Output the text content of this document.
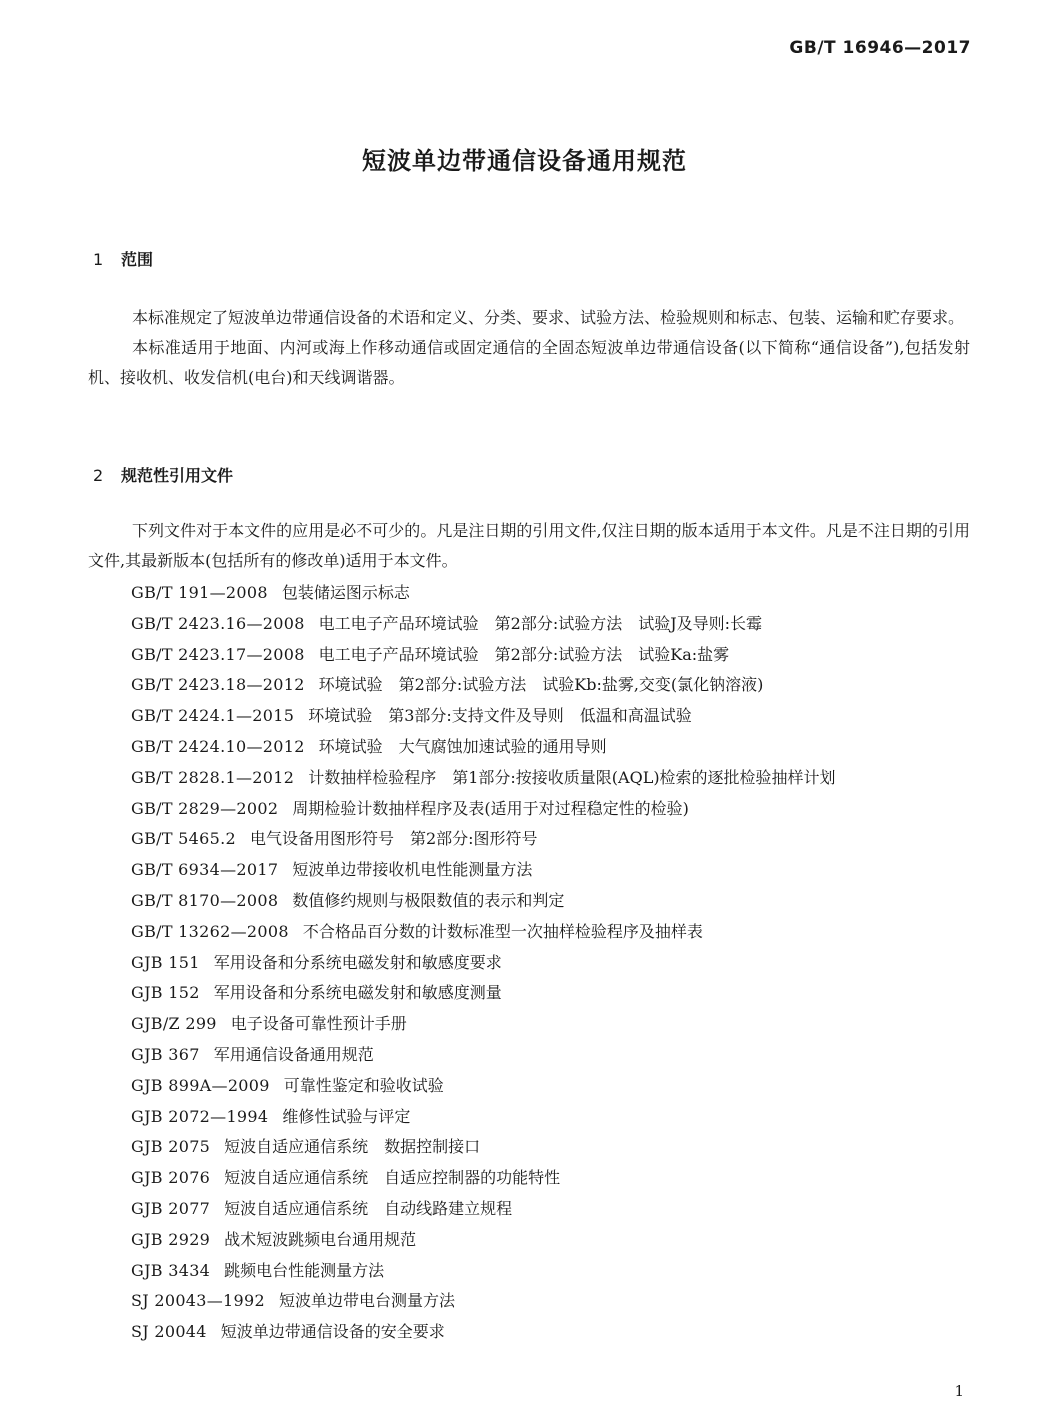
GB/T 16946—2017
短波单边带通信设备通用规范
1 范围

本标准规定了短波单边带通信设备的术语和定义、分类、要求、试验方法、检验规则和标志、包装、运输和贮存要求。

本标准适用于地面、内河或海上作移动通信或固定通信的全固态短波单边带通信设备(以下简称“通信设备”),包括发射机、接收机、收发信机(电台)和天线调谐器。

2 规范性引用文件

下列文件对于本文件的应用是必不可少的。凡是注日期的引用文件,仅注日期的版本适用于本文件。凡是不注日期的引用文件,其最新版本(包括所有的修改单)适用于本文件。

GB/T 191—2008 包装储运图示标志
GB/T 2423.16—2008 电工电子产品环境试验　第2部分:试验方法　试验J及导则:长霉
GB/T 2423.17—2008 电工电子产品环境试验　第2部分:试验方法　试验Ka:盐雾
GB/T 2423.18—2012 环境试验　第2部分:试验方法　试验Kb:盐雾,交变(氯化钠溶液)
GB/T 2424.1—2015 环境试验　第3部分:支持文件及导则　低温和高温试验
GB/T 2424.10—2012 环境试验　大气腐蚀加速试验的通用导则
GB/T 2828.1—2012 计数抽样检验程序　第1部分:按接收质量限(AQL)检索的逐批检验抽样计划
GB/T 2829—2002 周期检验计数抽样程序及表(适用于对过程稳定性的检验)
GB/T 5465.2 电气设备用图形符号　第2部分:图形符号
GB/T 6934—2017 短波单边带接收机电性能测量方法
GB/T 8170—2008 数值修约规则与极限数值的表示和判定
GB/T 13262—2008 不合格品百分数的计数标准型一次抽样检验程序及抽样表
GJB 151 军用设备和分系统电磁发射和敏感度要求
GJB 152 军用设备和分系统电磁发射和敏感度测量
GJB/Z 299 电子设备可靠性预计手册
GJB 367 军用通信设备通用规范
GJB 899A—2009 可靠性鉴定和验收试验
GJB 2072—1994 维修性试验与评定
GJB 2075 短波自适应通信系统　数据控制接口
GJB 2076 短波自适应通信系统　自适应控制器的功能特性
GJB 2077 短波自适应通信系统　自动线路建立规程
GJB 2929 战术短波跳频电台通用规范
GJB 3434 跳频电台性能测量方法
SJ 20043—1992 短波单边带电台测量方法
SJ 20044 短波单边带通信设备的安全要求
1
